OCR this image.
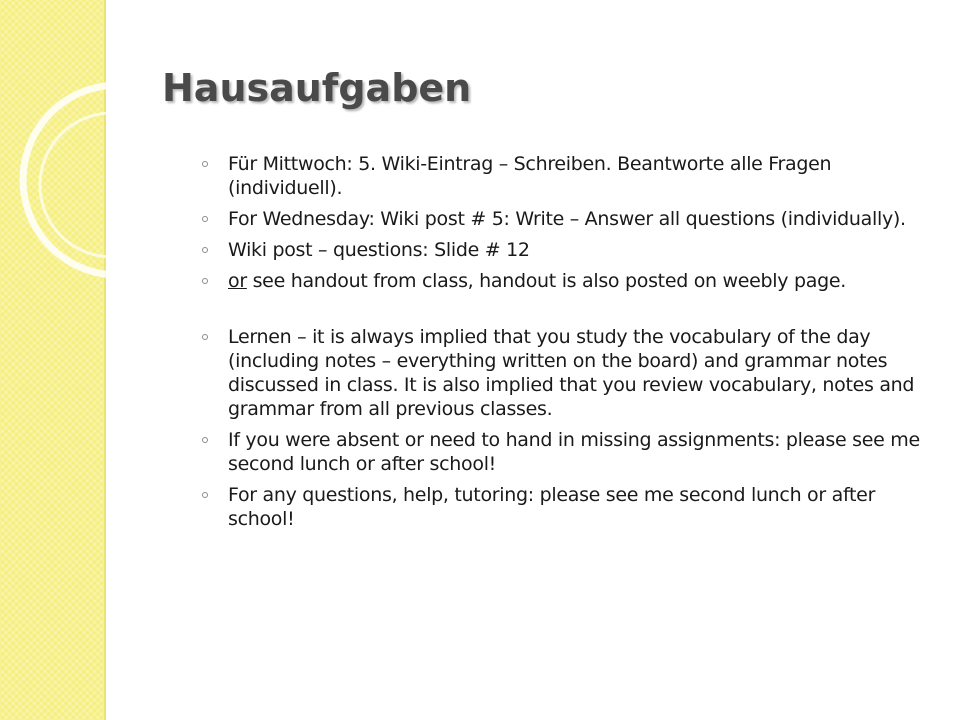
Hausaufgaben
Für Mittwoch: 5. Wiki-Eintrag – Schreiben. Beantworte alle Fragen (individuell).
For Wednesday: Wiki post # 5: Write – Answer all questions (individually).
Wiki post – questions: Slide # 12
or see handout from class, handout is also posted on weebly page.
Lernen – it is always implied that you study the vocabulary of the day (including notes – everything written on the board) and grammar notes discussed in class. It is also implied that you review vocabulary, notes and grammar from all previous classes.
If you were absent or need to hand in missing assignments: please see me second lunch or after school!
For any questions, help, tutoring: please see me second lunch or after school!
